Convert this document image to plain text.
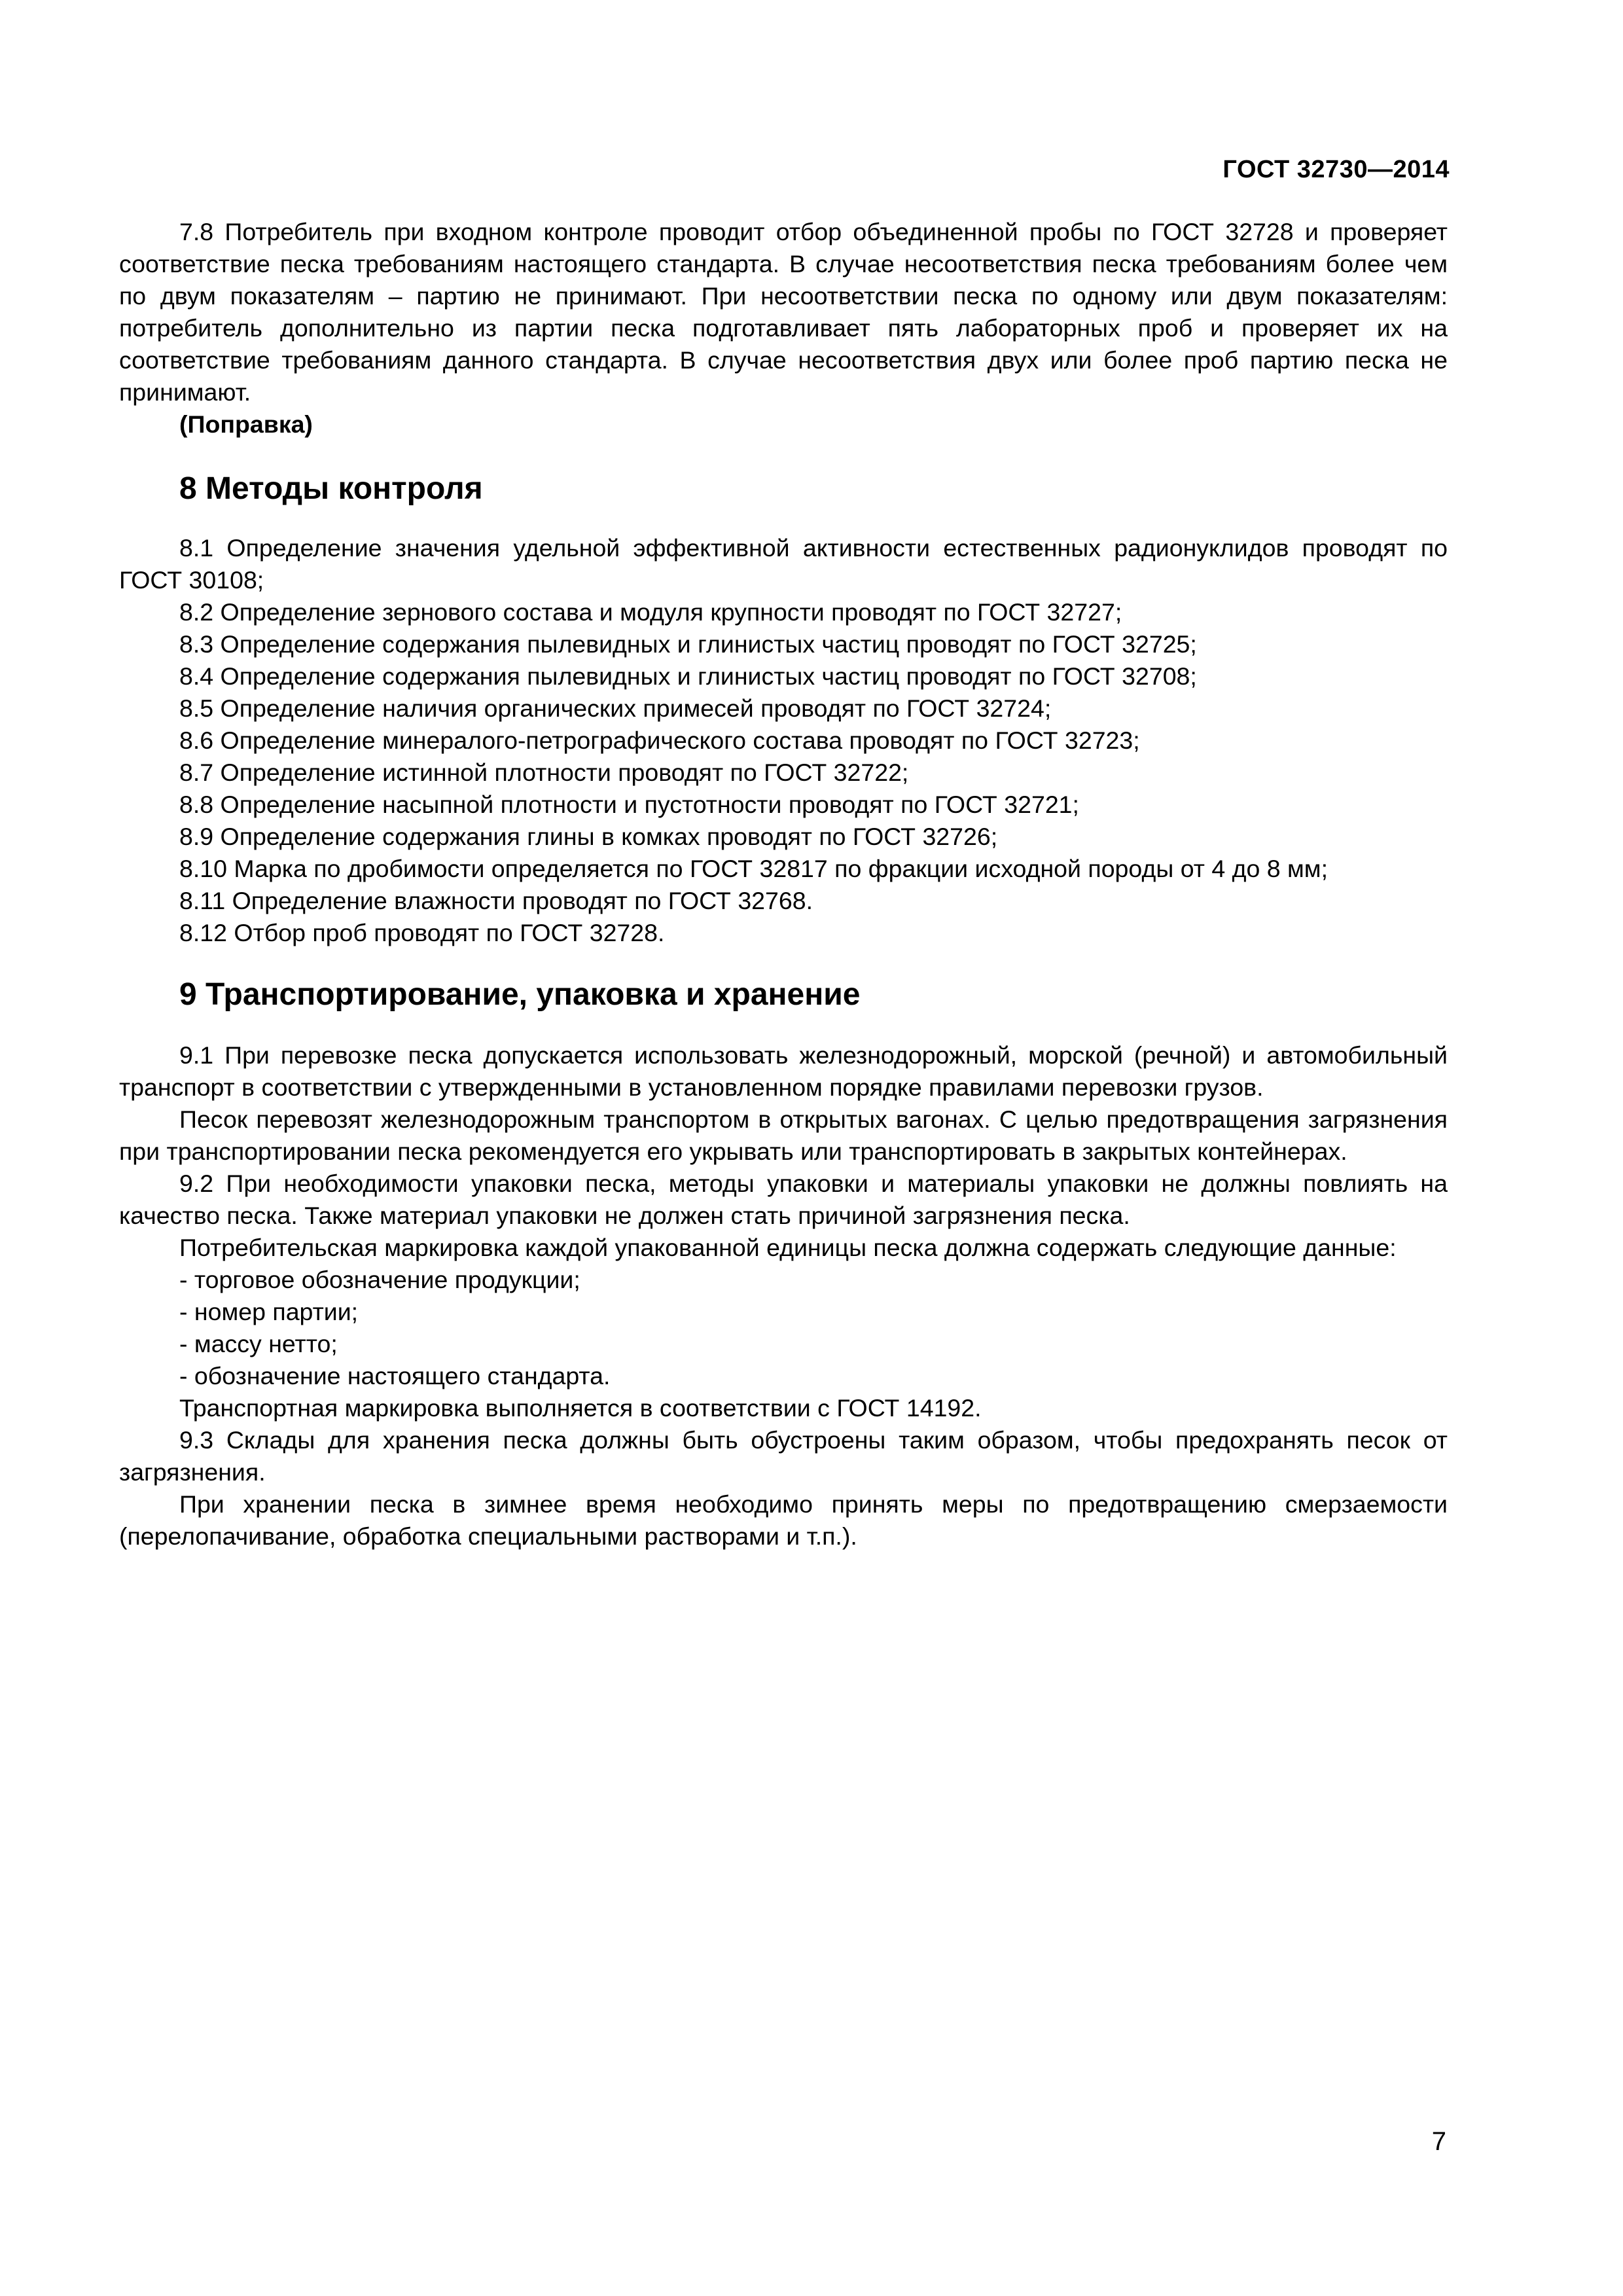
ГОСТ 32730—2014

7.8 Потребитель при входном контроле проводит отбор объединенной пробы по ГОСТ 32728 и проверяет соответствие песка требованиям настоящего стандарта. В случае несоответствия песка требованиям более чем по двум показателям – партию не принимают. При несоответствии песка по одному или двум показателям: потребитель дополнительно из партии песка подготавливает пять лабораторных проб и проверяет их на соответствие требованиям данного стандарта. В случае несоответствия двух или более проб партию песка не принимают.

(Поправка)
8 Методы контроля
8.1 Определение значения удельной эффективной активности естественных радионуклидов проводят по ГОСТ 30108;
8.2 Определение зернового состава и модуля крупности проводят по ГОСТ 32727;
8.3 Определение содержания пылевидных и глинистых частиц проводят по ГОСТ 32725;
8.4 Определение содержания пылевидных и глинистых частиц проводят по ГОСТ 32708;
8.5 Определение наличия органических примесей проводят по ГОСТ 32724;
8.6 Определение минералого-петрографического состава проводят по ГОСТ 32723;
8.7 Определение истинной плотности проводят по ГОСТ 32722;
8.8 Определение насыпной плотности и пустотности проводят по ГОСТ 32721;
8.9 Определение содержания глины в комках проводят по ГОСТ 32726;
8.10 Марка по дробимости определяется по ГОСТ 32817 по фракции исходной породы от 4 до 8 мм;
8.11 Определение влажности проводят по ГОСТ 32768.
8.12 Отбор проб проводят по ГОСТ 32728.
9 Транспортирование, упаковка и хранение

9.1 При перевозке песка допускается использовать железнодорожный, морской (речной) и автомобильный транспорт в соответствии с утвержденными в установленном порядке правилами перевозки грузов.

Песок перевозят железнодорожным транспортом в открытых вагонах. С целью предотвращения загрязнения при транспортировании песка рекомендуется его укрывать или транспортировать в закрытых контейнерах.

9.2 При необходимости упаковки песка, методы упаковки и материалы упаковки не должны повлиять на качество песка. Также материал упаковки не должен стать причиной загрязнения песка.

Потребительская маркировка каждой упакованной единицы песка должна содержать следующие данные:

- торговое обозначение продукции;
- номер партии;
- массу нетто;
- обозначение настоящего стандарта.

Транспортная маркировка выполняется в соответствии с ГОСТ 14192.

9.3 Склады для хранения песка должны быть обустроены таким образом, чтобы предохранять песок от загрязнения.

При хранении песка в зимнее время необходимо принять меры по предотвращению смерзаемости (перелопачивание, обработка специальными растворами и т.п.).

7
